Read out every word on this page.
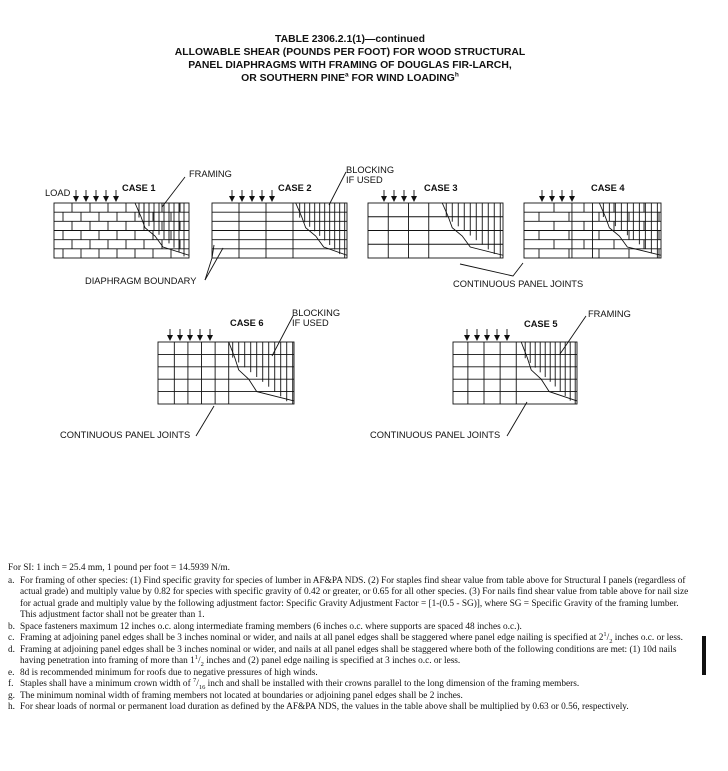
TABLE 2306.2.1(1)—continued
ALLOWABLE SHEAR (POUNDS PER FOOT) FOR WOOD STRUCTURAL
PANEL DIAPHRAGMS WITH FRAMING OF DOUGLAS FIR-LARCH,
OR SOUTHERN PINE$^a$ FOR WIND LOADING$^h$
LOAD	CASE 1
FRAMING
CASE 2
BLOCKING
IF USED
CASE 3	CASE 4
DIAPHRAGM BOUNDARY	CONTINUOUS PANEL JOINTS
BLOCKING
IF USED
CASE 6
FRAMING
CASE 5
CONTINUOUS PANEL JOINTS	CONTINUOUS PANEL JOINTS
For SI: 1 inch = 25.4 mm, 1 pound per foot = 14.5939 N/m.
a. For framing of other species: (1) Find specific gravity for species of lumber in AF&PA NDS. (2) For staples find shear value from table above for Structural I panels (regardless of actual grade) and multiply value by 0.82 for species with specific gravity of 0.42 or greater, or 0.65 for all other species. (3) For nails find shear value from table above for nail size for actual grade and multiply value by the following adjustment factor: Specific Gravity Adjustment Factor = [1-(0.5 - SG)], where SG = Specific Gravity of the framing lumber. This adjustment factor shall not be greater than 1.
b. Space fasteners maximum 12 inches o.c. along intermediate framing members (6 inches o.c. where supports are spaced 48 inches o.c.).
c. Framing at adjoining panel edges shall be 3 inches nominal or wider, and nails at all panel edges shall be staggered where panel edge nailing is specified at $2^1/_2$ inches o.c. or less.
d. Framing at adjoining panel edges shall be 3 inches nominal or wider, and nails at all panel edges shall be staggered where both of the following conditions are met: (1) 10d nails having penetration into framing of more than $1^1/_2$ inches and (2) panel edge nailing is specified at 3 inches o.c. or less.
e. 8d is recommended minimum for roofs due to negative pressures of high winds.
f. Staples shall have a minimum crown width of $^7/_{16}$ inch and shall be installed with their crowns parallel to the long dimension of the framing members.
g. The minimum nominal width of framing members not located at boundaries or adjoining panel edges shall be 2 inches.
h. For shear loads of normal or permanent load duration as defined by the AF&PA NDS, the values in the table above shall be multiplied by 0.63 or 0.56, respectively.
